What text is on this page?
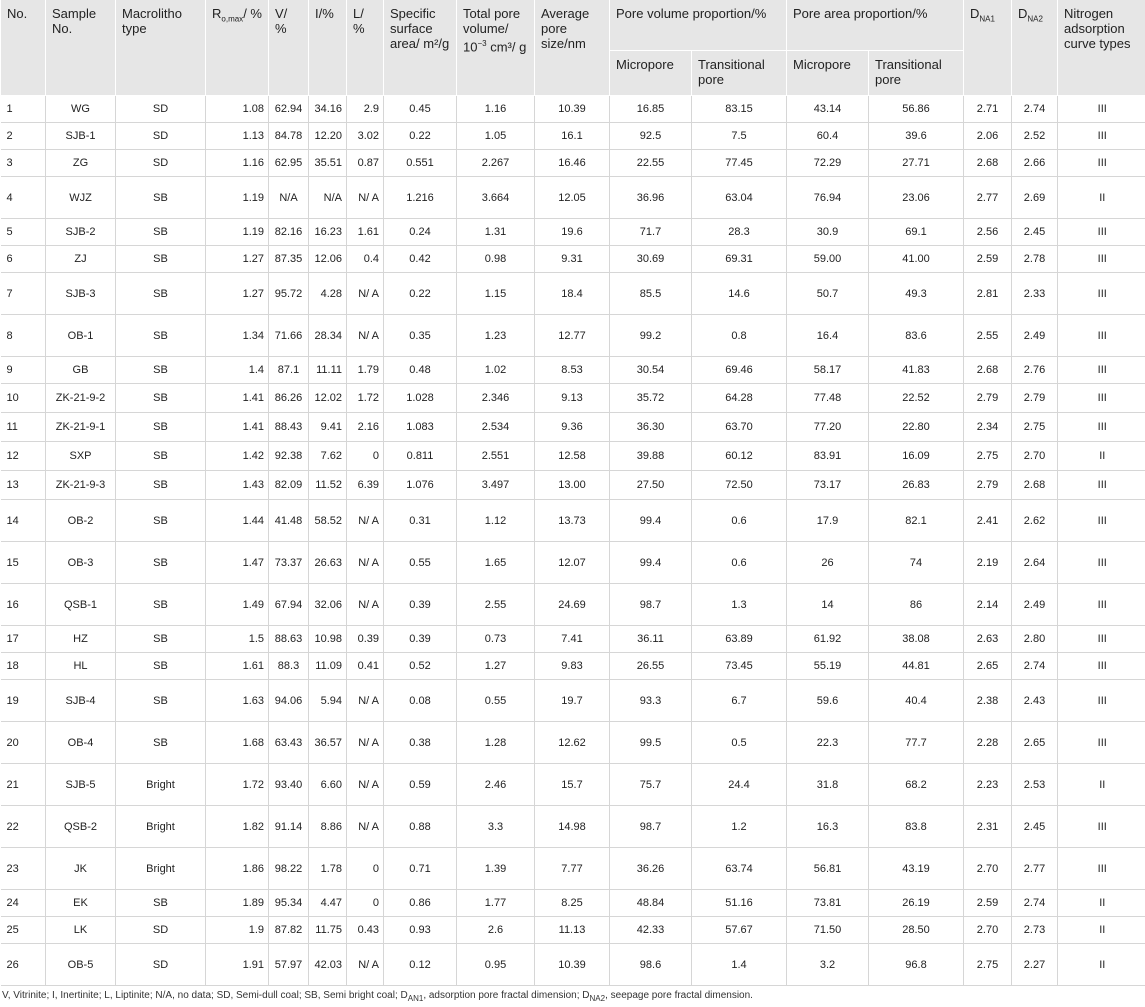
No.	Sample No.	Macrolitho type	$R_{o,max}/$ %	V/ %	I/%	L/ %	Specific surface area/ m²/g	Total pore volume/ $10^{-3}$ cm³/ g	Average pore size/nm	Pore volume proportion/%		Pore area proportion/%		$D_{NA1}$	$D_{NA2}$	Nitrogen adsorption curve types
										Micropore	Transitional pore	Micropore	Transitional pore			
1	WG	SD	1.08	62.94	34.16	2.9	0.45	1.16	10.39	16.85	83.15	43.14	56.86	2.71	2.74	III
2	SJB-1	SD	1.13	84.78	12.20	3.02	0.22	1.05	16.1	92.5	7.5	60.4	39.6	2.06	2.52	III
3	ZG	SD	1.16	62.95	35.51	0.87	0.551	2.267	16.46	22.55	77.45	72.29	27.71	2.68	2.66	III
4	WJZ	SB	1.19	N/A	N/A	N/ A	1.216	3.664	12.05	36.96	63.04	76.94	23.06	2.77	2.69	II
5	SJB-2	SB	1.19	82.16	16.23	1.61	0.24	1.31	19.6	71.7	28.3	30.9	69.1	2.56	2.45	III
6	ZJ	SB	1.27	87.35	12.06	0.4	0.42	0.98	9.31	30.69	69.31	59.00	41.00	2.59	2.78	III
7	SJB-3	SB	1.27	95.72	4.28	N/ A	0.22	1.15	18.4	85.5	14.6	50.7	49.3	2.81	2.33	III
8	OB-1	SB	1.34	71.66	28.34	N/ A	0.35	1.23	12.77	99.2	0.8	16.4	83.6	2.55	2.49	III
9	GB	SB	1.4	87.1	11.11	1.79	0.48	1.02	8.53	30.54	69.46	58.17	41.83	2.68	2.76	III
10	ZK-21-9-2	SB	1.41	86.26	12.02	1.72	1.028	2.346	9.13	35.72	64.28	77.48	22.52	2.79	2.79	III
11	ZK-21-9-1	SB	1.41	88.43	9.41	2.16	1.083	2.534	9.36	36.30	63.70	77.20	22.80	2.34	2.75	III
12	SXP	SB	1.42	92.38	7.62	0	0.811	2.551	12.58	39.88	60.12	83.91	16.09	2.75	2.70	II
13	ZK-21-9-3	SB	1.43	82.09	11.52	6.39	1.076	3.497	13.00	27.50	72.50	73.17	26.83	2.79	2.68	III
14	OB-2	SB	1.44	41.48	58.52	N/ A	0.31	1.12	13.73	99.4	0.6	17.9	82.1	2.41	2.62	III
15	OB-3	SB	1.47	73.37	26.63	N/ A	0.55	1.65	12.07	99.4	0.6	26	74	2.19	2.64	III
16	QSB-1	SB	1.49	67.94	32.06	N/ A	0.39	2.55	24.69	98.7	1.3	14	86	2.14	2.49	III
17	HZ	SB	1.5	88.63	10.98	0.39	0.39	0.73	7.41	36.11	63.89	61.92	38.08	2.63	2.80	III
18	HL	SB	1.61	88.3	11.09	0.41	0.52	1.27	9.83	26.55	73.45	55.19	44.81	2.65	2.74	III
19	SJB-4	SB	1.63	94.06	5.94	N/ A	0.08	0.55	19.7	93.3	6.7	59.6	40.4	2.38	2.43	III
20	OB-4	SB	1.68	63.43	36.57	N/ A	0.38	1.28	12.62	99.5	0.5	22.3	77.7	2.28	2.65	III
21	SJB-5	Bright	1.72	93.40	6.60	N/ A	0.59	2.46	15.7	75.7	24.4	31.8	68.2	2.23	2.53	II
22	QSB-2	Bright	1.82	91.14	8.86	N/ A	0.88	3.3	14.98	98.7	1.2	16.3	83.8	2.31	2.45	III
23	JK	Bright	1.86	98.22	1.78	0	0.71	1.39	7.77	36.26	63.74	56.81	43.19	2.70	2.77	III
24	EK	SB	1.89	95.34	4.47	0	0.86	1.77	8.25	48.84	51.16	73.81	26.19	2.59	2.74	II
25	LK	SD	1.9	87.82	11.75	0.43	0.93	2.6	11.13	42.33	57.67	71.50	28.50	2.70	2.73	II
26	OB-5	SD	1.91	57.97	42.03	N/ A	0.12	0.95	10.39	98.6	1.4	3.2	96.8	2.75	2.27	II
V, Vitrinite; I, Inertinite; L, Liptinite; N/A, no data; SD, Semi-dull coal; SB, Semi bright coal; $D_{AN1}$, adsorption pore fractal dimension; $D_{NA2}$, seepage pore fractal dimension.
